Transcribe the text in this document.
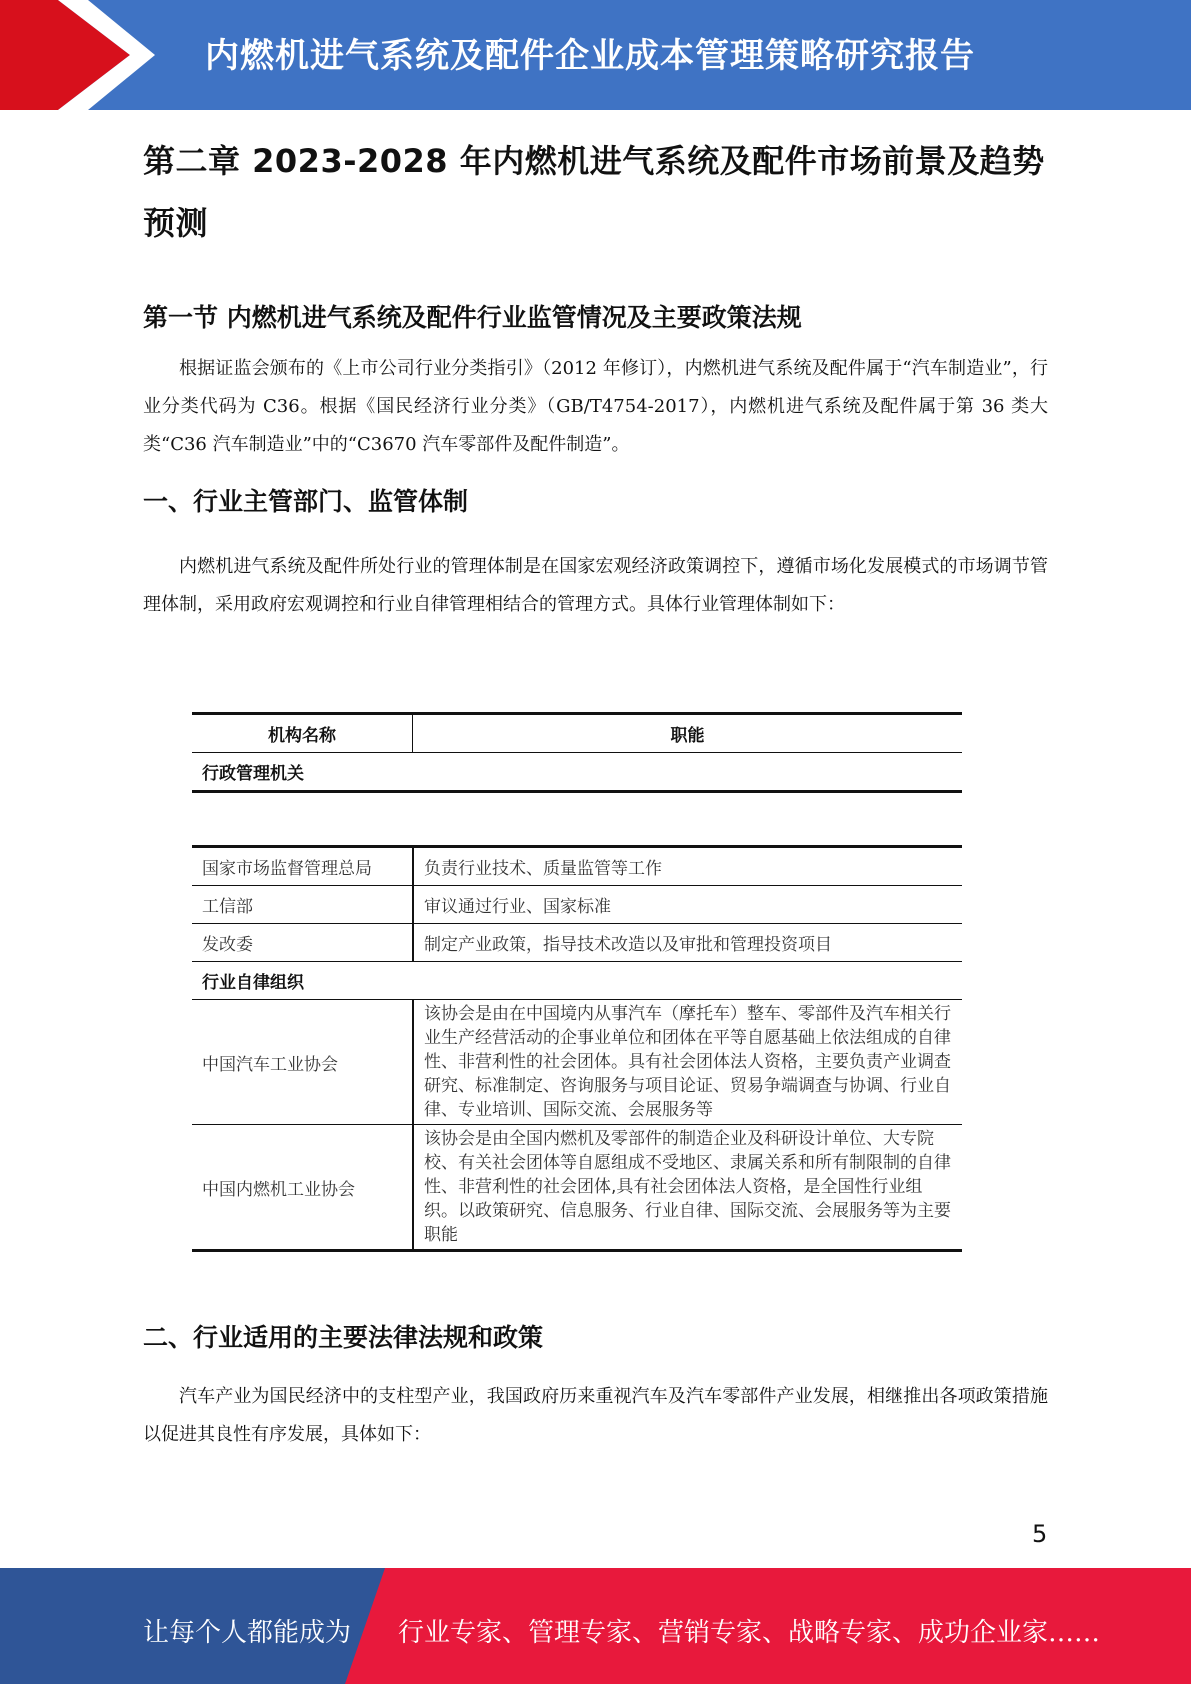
内燃机进气系统及配件企业成本管理策略研究报告
第二章 2023-2028 年内燃机进气系统及配件市场前景及趋势预测
第一节 内燃机进气系统及配件行业监管情况及主要政策法规

根据证监会颁布的《上市公司行业分类指引》（2012 年修订），内燃机进气系统及配件属于“汽车制造业”，行业分类代码为 C36。根据《国民经济行业分类》（GB/T4754-2017），内燃机进气系统及配件属于第 36 类大类“C36 汽车制造业”中的“C3670 汽车零部件及配件制造”。

一、行业主管部门、监管体制

内燃机进气系统及配件所处行业的管理体制是在国家宏观经济政策调控下，遵循市场化发展模式的市场调节管理体制，采用政府宏观调控和行业自律管理相结合的管理方式。具体行业管理体制如下：

机构名称	职能
行政管理机关
国家市场监督管理总局	负责行业技术、质量监管等工作
工信部	审议通过行业、国家标准
发改委	制定产业政策，指导技术改造以及审批和管理投资项目
行业自律组织	
中国汽车工业协会	该协会是由在中国境内从事汽车（摩托车）整车、零部件及汽车相关行业生产经营活动的企事业单位和团体在平等自愿基础上依法组成的自律性、非营利性的社会团体。具有社会团体法人资格，主要负责产业调查研究、标准制定、咨询服务与项目论证、贸易争端调查与协调、行业自律、专业培训、国际交流、会展服务等
中国内燃机工业协会	该协会是由全国内燃机及零部件的制造企业及科研设计单位、大专院校、有关社会团体等自愿组成不受地区、隶属关系和所有制限制的自律性、非营利性的社会团体,具有社会团体法人资格，是全国性行业组织。以政策研究、信息服务、行业自律、国际交流、会展服务等为主要职能
二、行业适用的主要法律法规和政策

汽车产业为国民经济中的支柱型产业，我国政府历来重视汽车及汽车零部件产业发展，相继推出各项政策措施以促进其良性有序发展，具体如下：

5
让每个人都能成为 行业专家、管理专家、营销专家、战略专家、成功企业家……
